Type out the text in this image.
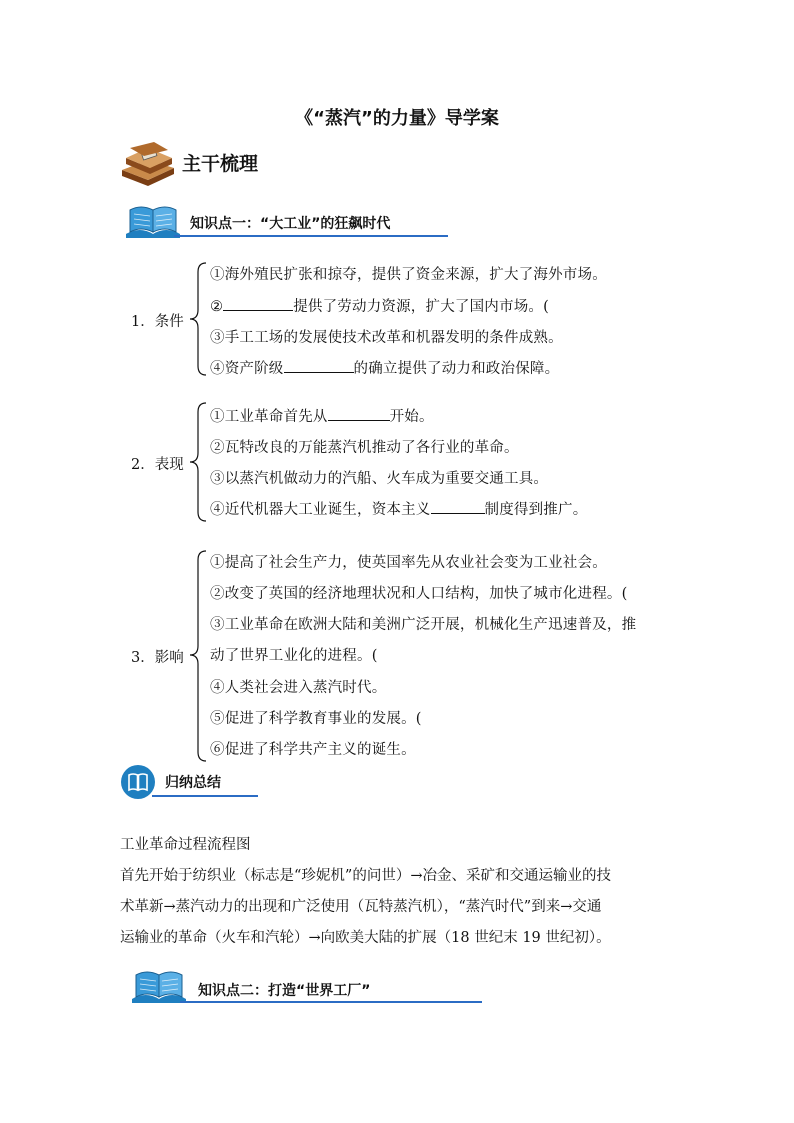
《“蒸汽”的力量》导学案
主干梳理
知识点一：“大工业”的狂飙时代
1．条件
①海外殖民扩张和掠夺，提供了资金来源，扩大了海外市场。
②	提供了劳动力资源，扩大了国内市场。(
③手工工场的发展使技术改革和机器发明的条件成熟。
④资产阶级	的确立提供了动力和政治保障。
2．表现
①工业革命首先从	开始。
②瓦特改良的万能蒸汽机推动了各行业的革命。
③以蒸汽机做动力的汽船、火车成为重要交通工具。
④近代机器大工业诞生，资本主义	制度得到推广。
3．影响
①提高了社会生产力，使英国率先从农业社会变为工业社会。
②改变了英国的经济地理状况和人口结构，加快了城市化进程。(
③工业革命在欧洲大陆和美洲广泛开展，机械化生产迅速普及，推
动了世界工业化的进程。(
④人类社会进入蒸汽时代。
⑤促进了科学教育事业的发展。(
⑥促进了科学共产主义的诞生。
归纳总结
工业革命过程流程图
首先开始于纺织业（标志是“珍妮机”的问世）→冶金、采矿和交通运输业的技
术革新→蒸汽动力的出现和广泛使用（瓦特蒸汽机），“蒸汽时代”到来→交通
运输业的革命（火车和汽轮）→向欧美大陆的扩展（18 世纪末 19 世纪初）。
知识点二：打造“世界工厂”
